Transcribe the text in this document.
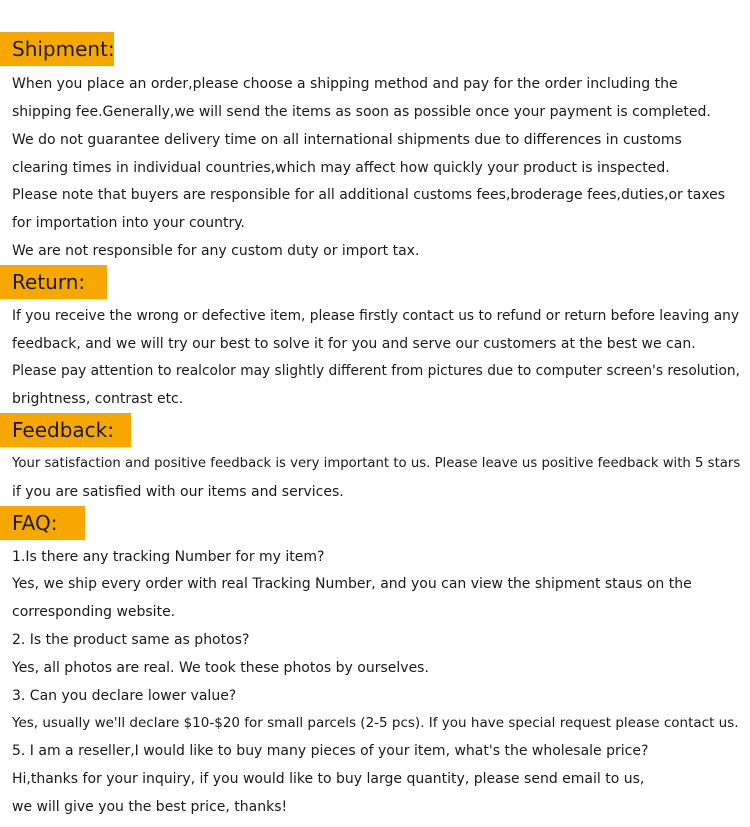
Shipment:
When you place an order,please choose a shipping method and pay for the order including the
shipping fee.Generally,we will send the items as soon as possible once your payment is completed.
We do not guarantee delivery time on all international shipments due to differences in customs
clearing times in individual countries,which may affect how quickly your product is inspected.
Please note that buyers are responsible for all additional customs fees,broderage fees,duties,or taxes
for importation into your country.
We are not responsible for any custom duty or import tax.
Return:
If you receive the wrong or defective item, please firstly contact us to refund or return before leaving any
feedback, and we will try our best to solve it for you and serve our customers at the best we can.
Please pay attention to realcolor may slightly different from pictures due to computer screen's resolution,
brightness, contrast etc.
Feedback:
Your satisfaction and positive feedback is very important to us. Please leave us positive feedback with 5 stars
if you are satisfied with our items and services.
FAQ:
1.Is there any tracking Number for my item?
Yes, we ship every order with real Tracking Number, and you can view the shipment staus on the
corresponding website.
2. Is the product same as photos?
Yes, all photos are real. We took these photos by ourselves.
3. Can you declare lower value?
Yes, usually we'll declare $10-$20 for small parcels (2-5 pcs). If you have special request please contact us.
5. I am a reseller,I would like to buy many pieces of your item, what's the wholesale price?
Hi,thanks for your inquiry, if you would like to buy large quantity, please send email to us,
we will give you the best price, thanks!
